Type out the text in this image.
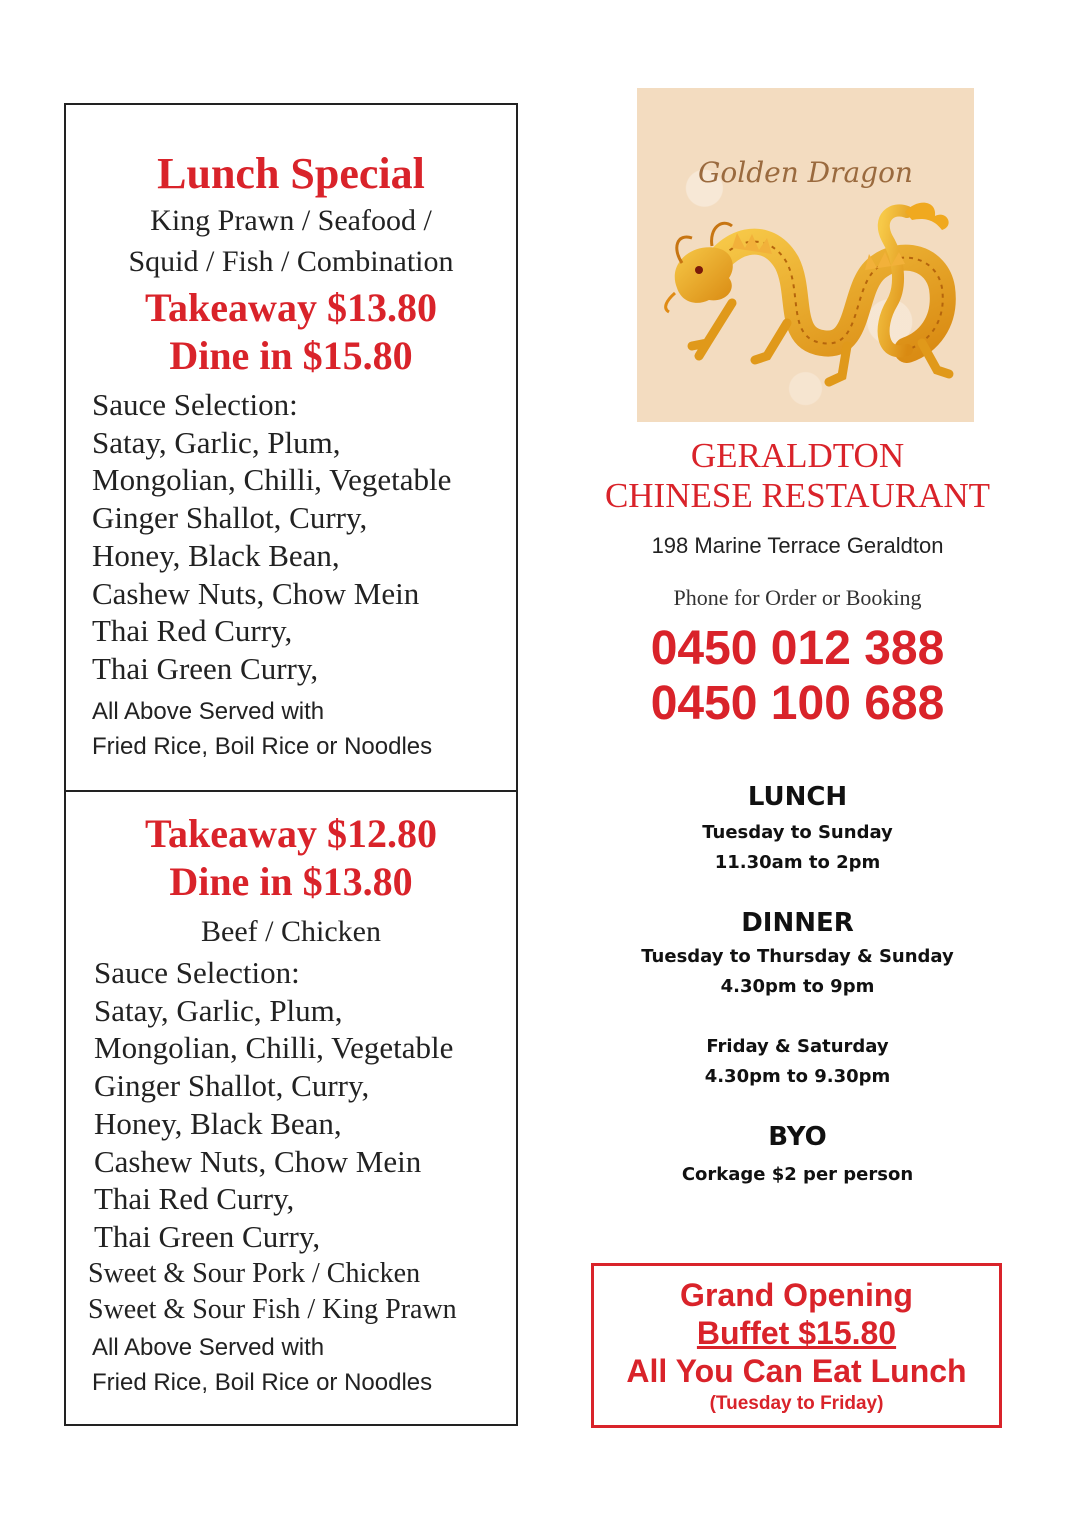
Lunch Special
King Prawn / Seafood /
Squid / Fish / Combination
Takeaway $13.80
Dine in $15.80
Sauce Selection:
Satay, Garlic, Plum,
Mongolian, Chilli, Vegetable
Ginger Shallot, Curry,
Honey, Black Bean,
Cashew Nuts, Chow Mein
Thai Red Curry,
Thai Green Curry,
All Above Served with
Fried Rice, Boil Rice or Noodles
Takeaway $12.80
Dine in $13.80
Beef / Chicken
Sauce Selection:
Satay, Garlic, Plum,
Mongolian, Chilli, Vegetable
Ginger Shallot, Curry,
Honey, Black Bean,
Cashew Nuts, Chow Mein
Thai Red Curry,
Thai Green Curry,
Sweet & Sour Pork / Chicken
Sweet & Sour Fish / King Prawn
All Above Served with
Fried Rice, Boil Rice or Noodles
Golden Dragon
GERALDTON
CHINESE RESTAURANT
198 Marine Terrace Geraldton
Phone for Order or Booking
0450 012 388
0450 100 688
LUNCH
Tuesday to Sunday
11.30am to 2pm
DINNER
Tuesday to Thursday & Sunday
4.30pm to 9pm
Friday & Saturday
4.30pm to 9.30pm
BYO
Corkage $2 per person
Grand Opening
Buffet $15.80
All You Can Eat Lunch
(Tuesday to Friday)
